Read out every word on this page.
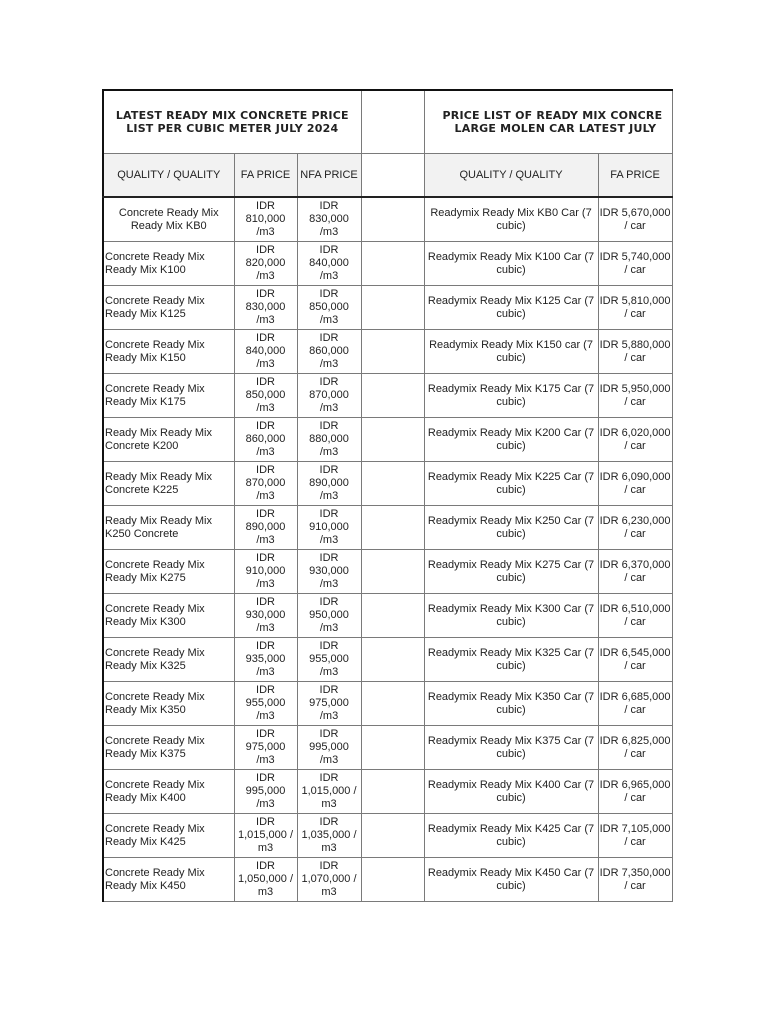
LATEST READY MIX CONCRETE PRICE LIST PER CUBIC METER JULY 2024				PRICE LIST OF READY MIX CONCRE
LARGE MOLEN CAR LATEST JULY	
QUALITY / QUALITY	FA PRICE	NFA PRICE		QUALITY / QUALITY	FA PRICE
Concrete Ready Mix Ready Mix KB0	IDR 810,000 /m3	IDR 830,000 /m3		Readymix Ready Mix KB0 Car (7 cubic)	IDR 5,670,000 / car
Concrete Ready Mix Ready Mix K100	IDR 820,000 /m3	IDR 840,000 /m3		Readymix Ready Mix K100 Car (7 cubic)	IDR 5,740,000 / car
Concrete Ready Mix Ready Mix K125	IDR 830,000 /m3	IDR 850,000 /m3		Readymix Ready Mix K125 Car (7 cubic)	IDR 5,810,000 / car
Concrete Ready Mix Ready Mix K150	IDR 840,000 /m3	IDR 860,000 /m3		Readymix Ready Mix K150 car (7 cubic)	IDR 5,880,000 / car
Concrete Ready Mix Ready Mix K175	IDR 850,000 /m3	IDR 870,000 /m3		Readymix Ready Mix K175 Car (7 cubic)	IDR 5,950,000 / car
Ready Mix Ready Mix Concrete K200	IDR 860,000 /m3	IDR 880,000 /m3		Readymix Ready Mix K200 Car (7 cubic)	IDR 6,020,000 / car
Ready Mix Ready Mix Concrete K225	IDR 870,000 /m3	IDR 890,000 /m3		Readymix Ready Mix K225 Car (7 cubic)	IDR 6,090,000 / car
Ready Mix Ready Mix K250 Concrete	IDR 890,000 /m3	IDR 910,000 /m3		Readymix Ready Mix K250 Car (7 cubic)	IDR 6,230,000 / car
Concrete Ready Mix Ready Mix K275	IDR 910,000 /m3	IDR 930,000 /m3		Readymix Ready Mix K275 Car (7 cubic)	IDR 6,370,000 / car
Concrete Ready Mix Ready Mix K300	IDR 930,000 /m3	IDR 950,000 /m3		Readymix Ready Mix K300 Car (7 cubic)	IDR 6,510,000 / car
Concrete Ready Mix Ready Mix K325	IDR 935,000 /m3	IDR 955,000 /m3		Readymix Ready Mix K325 Car (7 cubic)	IDR 6,545,000 / car
Concrete Ready Mix Ready Mix K350	IDR 955,000 /m3	IDR 975,000 /m3		Readymix Ready Mix K350 Car (7 cubic)	IDR 6,685,000 / car
Concrete Ready Mix Ready Mix K375	IDR 975,000 /m3	IDR 995,000 /m3		Readymix Ready Mix K375 Car (7 cubic)	IDR 6,825,000 / car
Concrete Ready Mix Ready Mix K400	IDR 995,000 /m3	IDR 1,015,000 / m3		Readymix Ready Mix K400 Car (7 cubic)	IDR 6,965,000 / car
Concrete Ready Mix Ready Mix K425	IDR 1,015,000 / m3	IDR 1,035,000 / m3		Readymix Ready Mix K425 Car (7 cubic)	IDR 7,105,000 / car
Concrete Ready Mix Ready Mix K450	IDR 1,050,000 / m3	IDR 1,070,000 / m3		Readymix Ready Mix K450 Car (7 cubic)	IDR 7,350,000 / car
